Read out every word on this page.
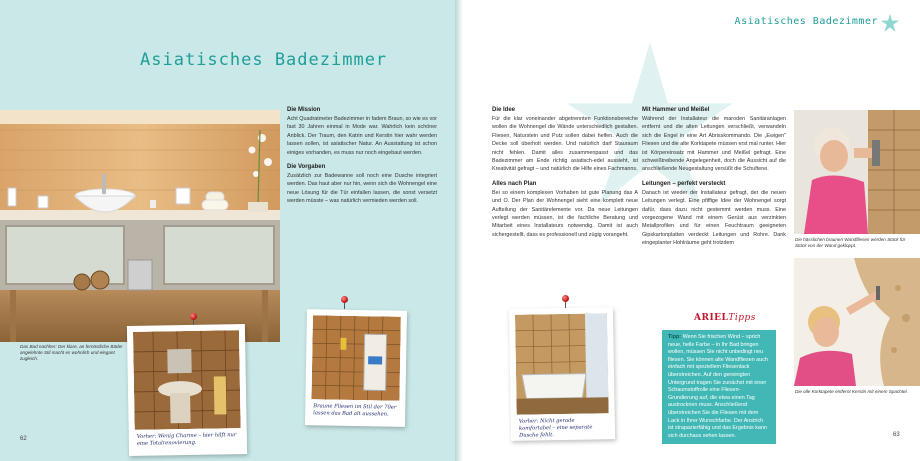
Asiatisches Badezimmer
Das Bad nachher: Der klare, an fernöstliche Bäder angelehnte Stil macht es wohnlich und elegant zugleich.
Die Mission

Acht Quadratmeter Badezimmer in fadem Braun, so wie es vor fast 30 Jahren einmal in Mode war. Wahrlich kein schöner Anblick. Der Traum, den Katrin und Kerstin hier wahr werden lassen sollen, ist asiatischer Natur. An Ausstattung ist schon einiges vorhanden, es muss nur noch eingebaut werden.

Die Vorgaben

Zusätzlich zur Badewanne soll noch eine Dusche integriert werden. Das haut aber nur hin, wenn sich die Wohnengel eine neue Lösung für die Tür einfallen lassen, die sonst versetzt werden müsste – was natürlich vermieden werden soll.

Vorher: Wenig Charme – hier hilft nur eine Totalrenovierung.
Braune Fliesen im Stil der 70er lassen das Bad alt aussehen.
62
Asiatisches Badezimmer
Die Idee

Für die klar voneinander abgetrennten Funktionsbereiche wollen die Wohnengel die Wände unterschiedlich gestalten. Fliesen, Naturstein und Putz sollen dabei helfen. Auch die Decke soll überholt werden. Und natürlich darf Stauraum nicht fehlen. Damit alles zusammenpasst und das Badezimmer am Ende richtig asiatisch-edel aussieht, ist Kreativität gefragt – und natürlich die Hilfe eines Fachmanns.

Alles nach Plan

Bei so einem komplexen Vorhaben ist gute Planung das A und O. Der Plan der Wohnengel sieht eine komplett neue Aufteilung der Sanitärelemente vor. Da neue Leitungen verlegt werden müssen, ist die fachliche Beratung und Mitarbeit eines Installateurs notwendig. Damit ist auch sichergestellt, dass es professionell und zügig vorangeht.

Mit Hammer und Meißel

Während der Installateur die maroden Sanitäranlagen entfernt und die alten Leitungen verschließt, verwandeln sich die Engel in eine Art Abrisskommando. Die „Ewigen" Fliesen und die alte Korktapete müssen erst mal runter. Hier ist Körpereinsatz mit Hammer und Meißel gefragt. Eine schweißtreibende Angelegenheit, doch die Aussicht auf die anschließende Neugestaltung versüßt die Schufterei.

Leitungen – perfekt versteckt

Danach ist wieder der Installateur gefragt, der die neuen Leitungen verlegt. Eine pfiffige Idee der Wohnengel sorgt dafür, dass dazu nicht gestemmt werden muss. Eine vorgezogene Wand mit einem Gerüst aus verzinkten Metallprofilen und für einen Feuchtraum geeigneten Gipskartonplatten verdeckt Leitungen und Rohre. Dank eingeplanter Hohlräume geht trotzdem

Vorher: Nicht gerade komfortabel – eine separate Dusche fehlt.
ARIELTipps
Tipp: Wenn Sie frischen Wind – sprich neue, helle Farbe – in Ihr Bad bringen wollen, müssen Sie nicht unbedingt neu fliesen. Sie können alte Wandfliesen auch einfach mit speziellem Fliesenlack überstreichen. Auf den gereinigten Untergrund tragen Sie zunächst mit einer Schaumstoffrolle eine Fliesen-Grundierung auf, die etwa einen Tag austrocknen muss. Anschließend überstreichen Sie die Fliesen mit dem Lack in Ihrer Wunschfarbe. Der Anstrich ist strapazierfähig und das Ergebnis kann sich durchaus sehen lassen.
Die hässlichen braunen Wandfliesen werden Stück für Stück von der Wand gekloppt.
Die olle Korktapete entfernt Kerstin mit einem Spachtel.
63
